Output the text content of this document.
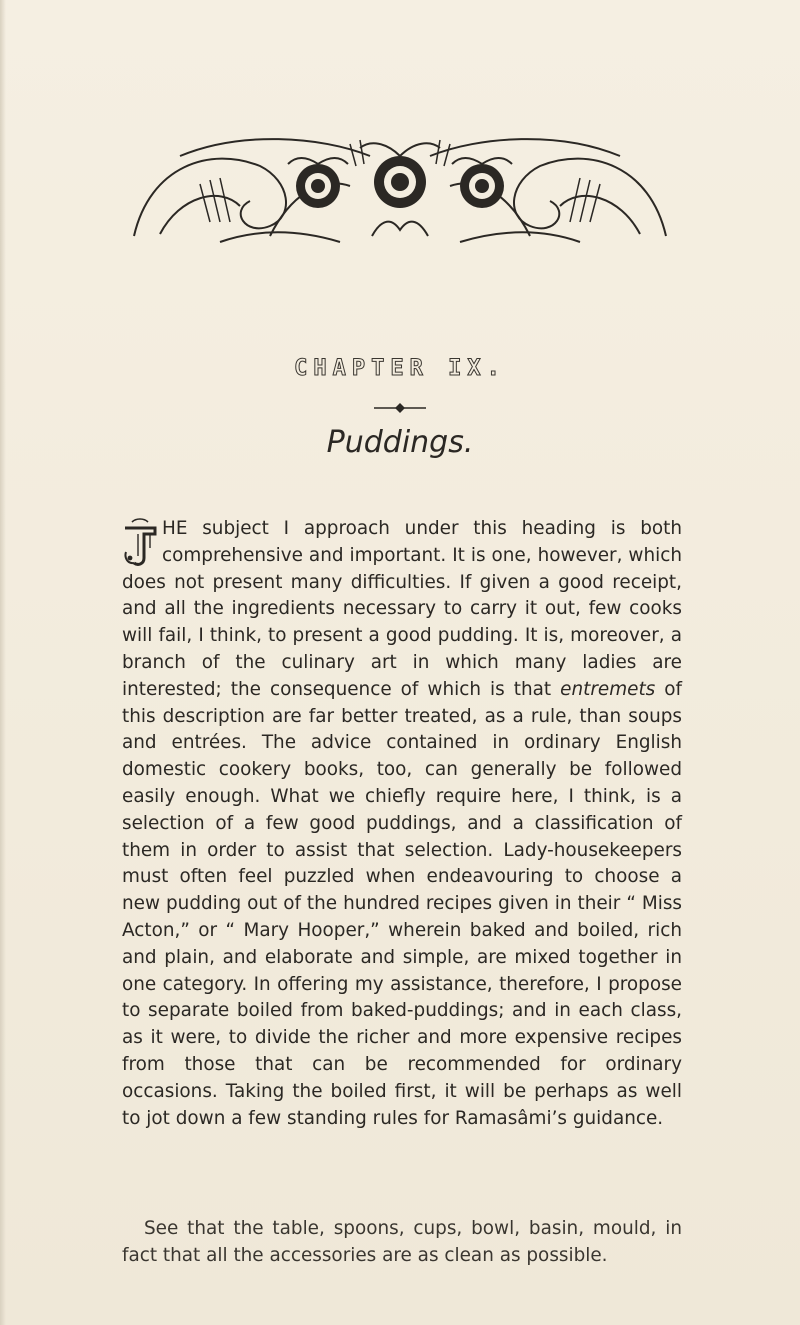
CHAPTER IX.
Puddings.

HE subject I approach under this heading is both comprehensive and important. It is one, however, which does not present many difficulties. If given a good receipt, and all the ingredients necessary to carry it out, few cooks will fail, I think, to present a good pudding. It is, moreover, a branch of the culinary art in which many ladies are interested; the consequence of which is that entremets of this description are far better treated, as a rule, than soups and entrées. The advice contained in ordinary English domestic cookery books, too, can generally be followed easily enough. What we chiefly require here, I think, is a selection of a few good puddings, and a classification of them in order to assist that selection. Lady-housekeepers must often feel puzzled when endeavouring to choose a new pudding out of the hundred recipes given in their “ Miss Acton,” or “ Mary Hooper,” wherein baked and boiled, rich and plain, and elaborate and simple, are mixed together in one category. In offering my assistance, therefore, I propose to separate boiled from baked-puddings; and in each class, as it were, to divide the richer and more expensive recipes from those that can be recommended for ordinary occasions. Taking the boiled first, it will be perhaps as well to jot down a few standing rules for Ramasâmi’s guidance.

See that the table, spoons, cups, bowl, basin, mould, in fact that all the accessories are as clean as possible.
